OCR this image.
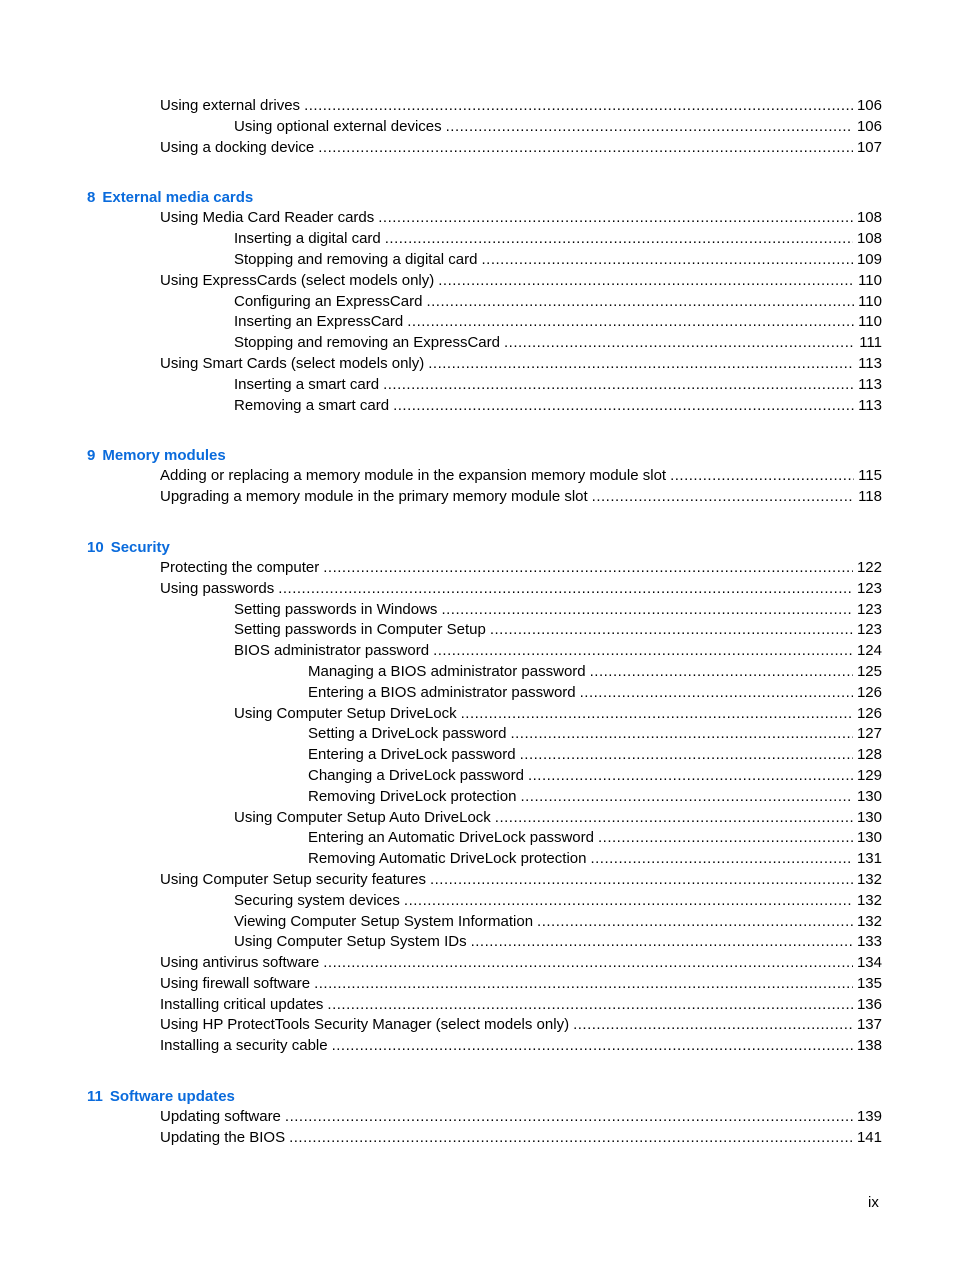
Using external drives .....	106
Using optional external devices .....	106
Using a docking device .....	107
8 External media cards
Using Media Card Reader cards .....	108
Inserting a digital card .....	108
Stopping and removing a digital card .....	109
Using ExpressCards (select models only) .....	110
Configuring an ExpressCard .....	110
Inserting an ExpressCard .....	110
Stopping and removing an ExpressCard .....	111
Using Smart Cards (select models only) .....	113
Inserting a smart card .....	113
Removing a smart card .....	113
9 Memory modules
Adding or replacing a memory module in the expansion memory module slot .....	115
Upgrading a memory module in the primary memory module slot .....	118
10 Security
Protecting the computer .....	122
Using passwords .....	123
Setting passwords in Windows .....	123
Setting passwords in Computer Setup .....	123
BIOS administrator password .....	124
Managing a BIOS administrator password .....	125
Entering a BIOS administrator password .....	126
Using Computer Setup DriveLock .....	126
Setting a DriveLock password .....	127
Entering a DriveLock password .....	128
Changing a DriveLock password .....	129
Removing DriveLock protection .....	130
Using Computer Setup Auto DriveLock .....	130
Entering an Automatic DriveLock password .....	130
Removing Automatic DriveLock protection .....	131
Using Computer Setup security features .....	132
Securing system devices .....	132
Viewing Computer Setup System Information .....	132
Using Computer Setup System IDs .....	133
Using antivirus software .....	134
Using firewall software .....	135
Installing critical updates .....	136
Using HP ProtectTools Security Manager (select models only) .....	137
Installing a security cable .....	138
11 Software updates
Updating software .....	139
Updating the BIOS .....	141
ix
